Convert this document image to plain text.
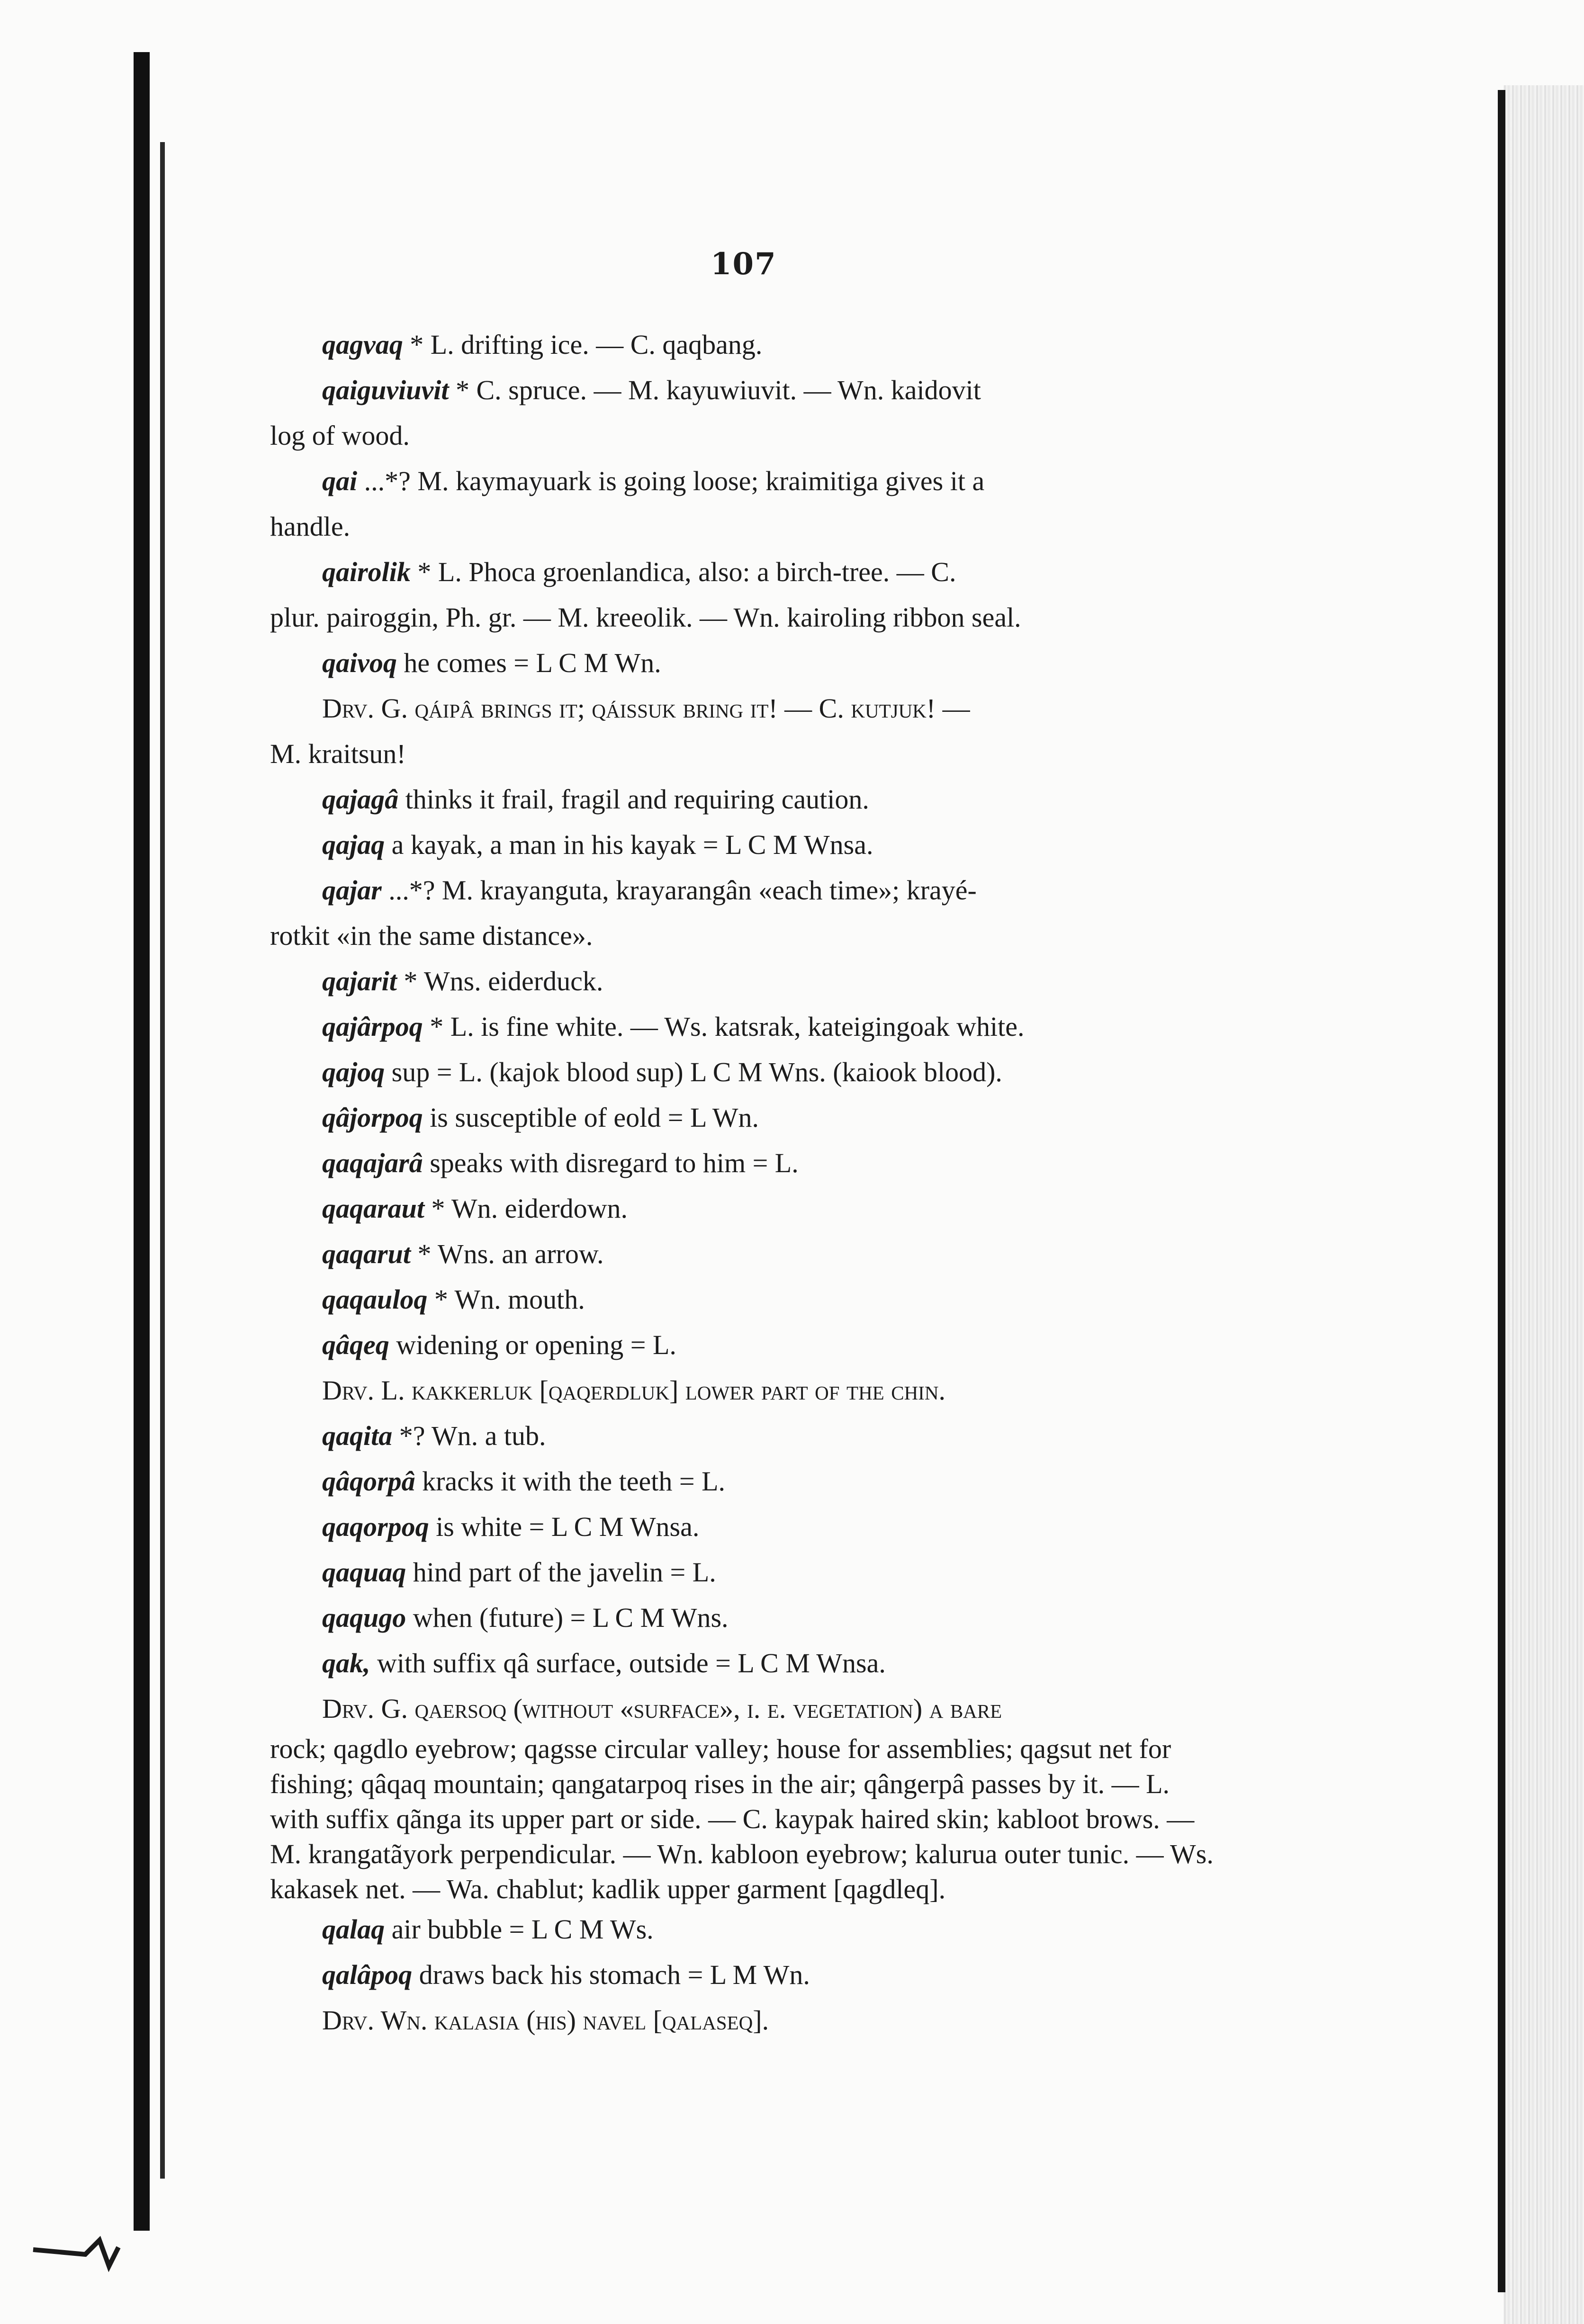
107
qagvaq * L. drifting ice. — C. qaqbang.
qaiguviuvit * C. spruce. — M. kayuwiuvit. — Wn. kaidovit
log of wood.
qai ...*? M. kaymayuark is going loose; kraimitiga gives it a
handle.
qairolik * L. Phoca groenlandica, also: a birch-tree. — C.
plur. pairoggin, Ph. gr. — M. kreeolik. — Wn. kairoling ribbon seal.
qaivoq he comes = L C M Wn.
Drv. G. qáipâ brings it; qáissuk bring it! — C. kutjuk! —
M. kraitsun!
qajagâ thinks it frail, fragil and requiring caution.
qajaq a kayak, a man in his kayak = L C M Wnsa.
qajar ...*? M. krayanguta, krayarangân «each time»; krayé-
rotkit «in the same distance».
qajarit * Wns. eiderduck.
qajârpoq * L. is fine white. — Ws. katsrak, kateigingoak white.
qajoq sup = L. (kajok blood sup) L C M Wns. (kaiook blood).
qâjorpoq is susceptible of eold = L Wn.
qaqajarâ speaks with disregard to him = L.
qaqaraut * Wn. eiderdown.
qaqarut * Wns. an arrow.
qaqauloq * Wn. mouth.
qâqeq widening or opening = L.
Drv. L. kakkerluk [qaqerdluk] lower part of the chin.
qaqita *? Wn. a tub.
qâqorpâ kracks it with the teeth = L.
qaqorpoq is white = L C M Wnsa.
qaquaq hind part of the javelin = L.
qaqugo when (future) = L C M Wns.
qak, with suffix qâ surface, outside = L C M Wnsa.
Drv. G. qaersoq (without «surface», i. e. vegetation) a bare
rock; qagdlo eyebrow; qagsse circular valley; house for assemblies; qagsut net for fishing; qâqaq mountain; qangatarpoq rises in the air; qângerpâ passes by it. — L. with suffix qãnga its upper part or side. — C. kaypak haired skin; kabloot brows. — M. krangatãyork perpendicular. — Wn. kabloon eyebrow; kalurua outer tunic. — Ws. kakasek net. — Wa. chablut; kadlik upper garment [qagdleq].
qalaq air bubble = L C M Ws.
qalâpoq draws back his stomach = L M Wn.
Drv. Wn. kalasia (his) navel [qalaseq].
